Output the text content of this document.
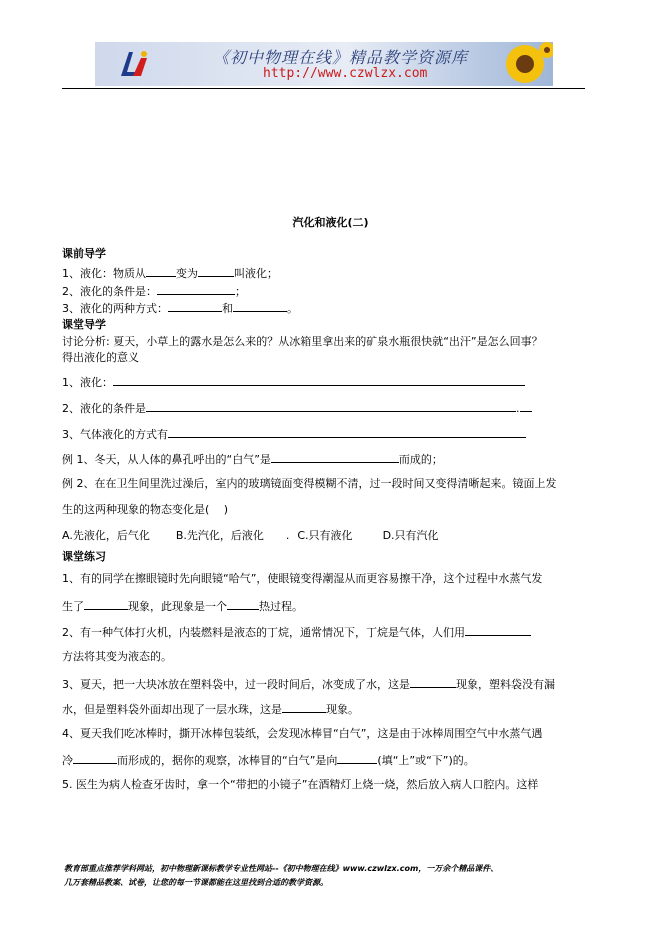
《初中物理在线》精品教学资源库
http://www.czwlzx.com
汽化和液化(二)
课前导学
1、液化：物质从	变为	叫液化；
2、液化的条件是：	；
3、液化的两种方式：	和	。
课堂导学
讨论分析: 夏天，小草上的露水是怎么来的？从冰箱里拿出来的矿泉水瓶很快就“出汗”是怎么回事？
得出液化的意义
1、液化：
2、液化的条件是	.
3、气体液化的方式有
例 1、冬天，从人体的鼻孔呼出的“白气”是	而成的；
例 2、在在卫生间里洗过澡后，室内的玻璃镜面变得模糊不清，过一段时间又变得清晰起来。镜面上发
生的这两种现象的物态变化是(　 )
A.先液化，后气化 B.先汽化，后液化 . C.只有液化	D.只有汽化
课堂练习
1、有的同学在擦眼镜时先向眼镜“哈气”，使眼镜变得潮湿从而更容易擦干净，这个过程中水蒸气发
生了	现象，此现象是一个	热过程。
2、有一种气体打火机，内装燃料是液态的丁烷，通常情况下，丁烷是气体，人们用
方法将其变为液态的。
3、夏天，把一大块冰放在塑料袋中，过一段时间后，冰变成了水，这是	现象，塑料袋没有漏
水，但是塑料袋外面却出现了一层水珠，这是	现象。
4、夏天我们吃冰棒时，撕开冰棒包装纸，会发现冰棒冒“白气”，这是由于冰棒周围空气中水蒸气遇
冷	而形成的，据你的观察，冰棒冒的“白气”是向	(填“上”或“下”)的。
5. 医生为病人检查牙齿时，拿一个“带把的小镜子”在酒精灯上烧一烧，然后放入病人口腔内。这样
教育部重点推荐学科网站，初中物理新课标教学专业性网站--《初中物理在线》www.czwlzx.com，一万余个精品课件、
几万套精品教案、试卷，让您的每一节课都能在这里找到合适的教学资源。
